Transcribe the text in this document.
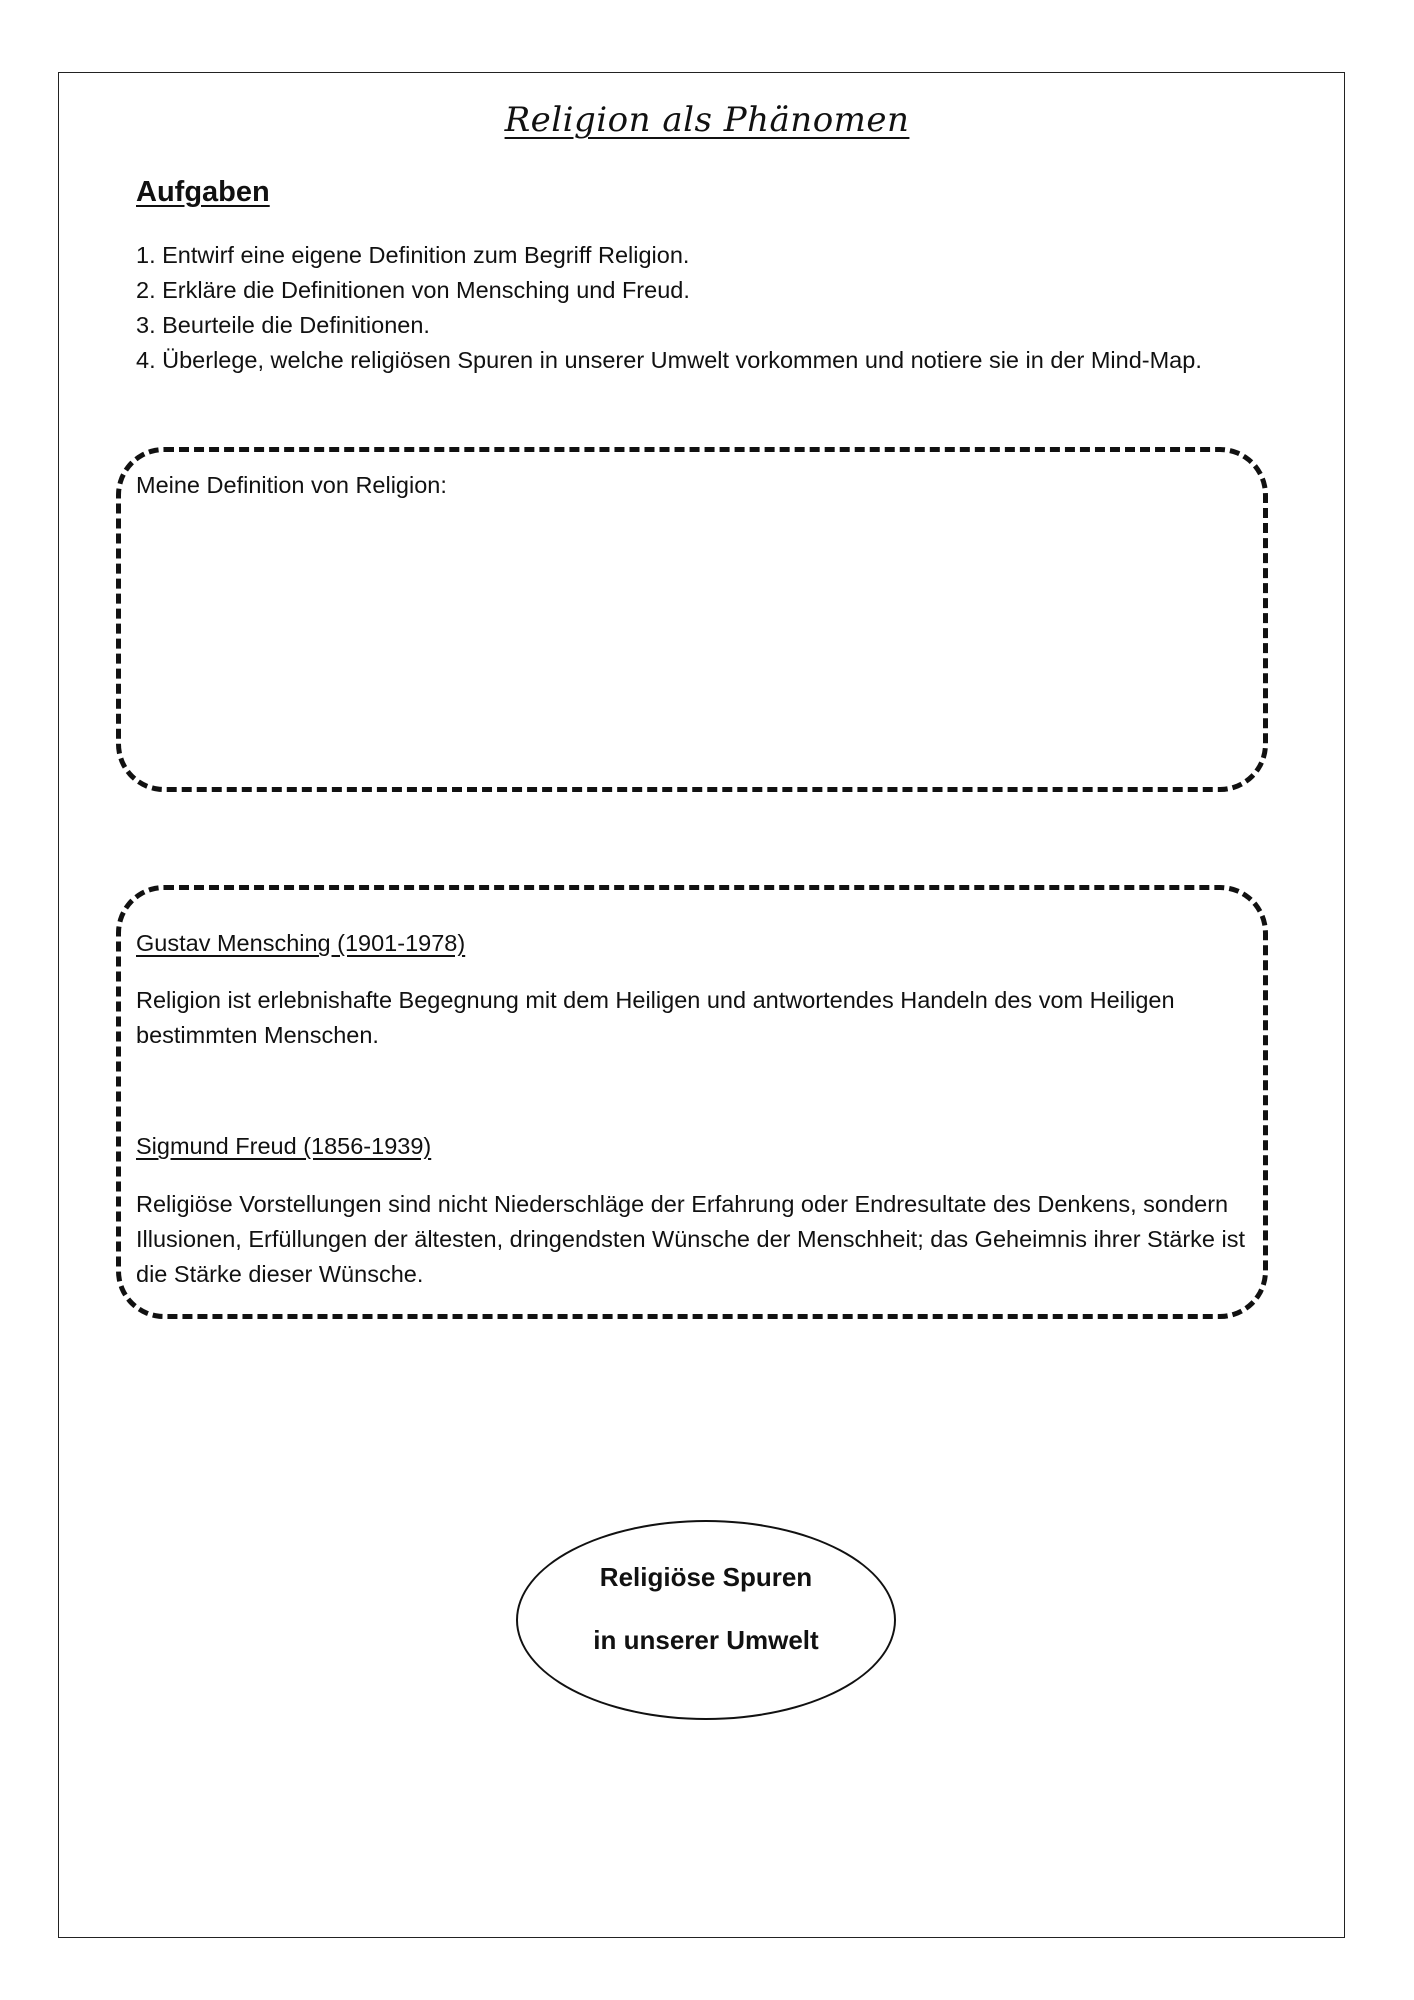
Religion als Phänomen
Aufgaben
1. Entwirf eine eigene Definition zum Begriff Religion.
2. Erkläre die Definitionen von Mensching und Freud.
3. Beurteile die Definitionen.
4. Überlege, welche religiösen Spuren in unserer Umwelt vorkommen und notiere sie in der Mind-Map.
Meine Definition von Religion:
Gustav Mensching (1901-1978)

Religion ist erlebnishafte Begegnung mit dem Heiligen und antwortendes Handeln des vom Heiligen bestimmten Menschen.

Sigmund Freud (1856-1939)

Religiöse Vorstellungen sind nicht Niederschläge der Erfahrung oder Endresultate des Denkens, sondern Illusionen, Erfüllungen der ältesten, dringendsten Wünsche der Menschheit; das Geheimnis ihrer Stärke ist die Stärke dieser Wünsche.

Religiöse Spuren
in unserer Umwelt
